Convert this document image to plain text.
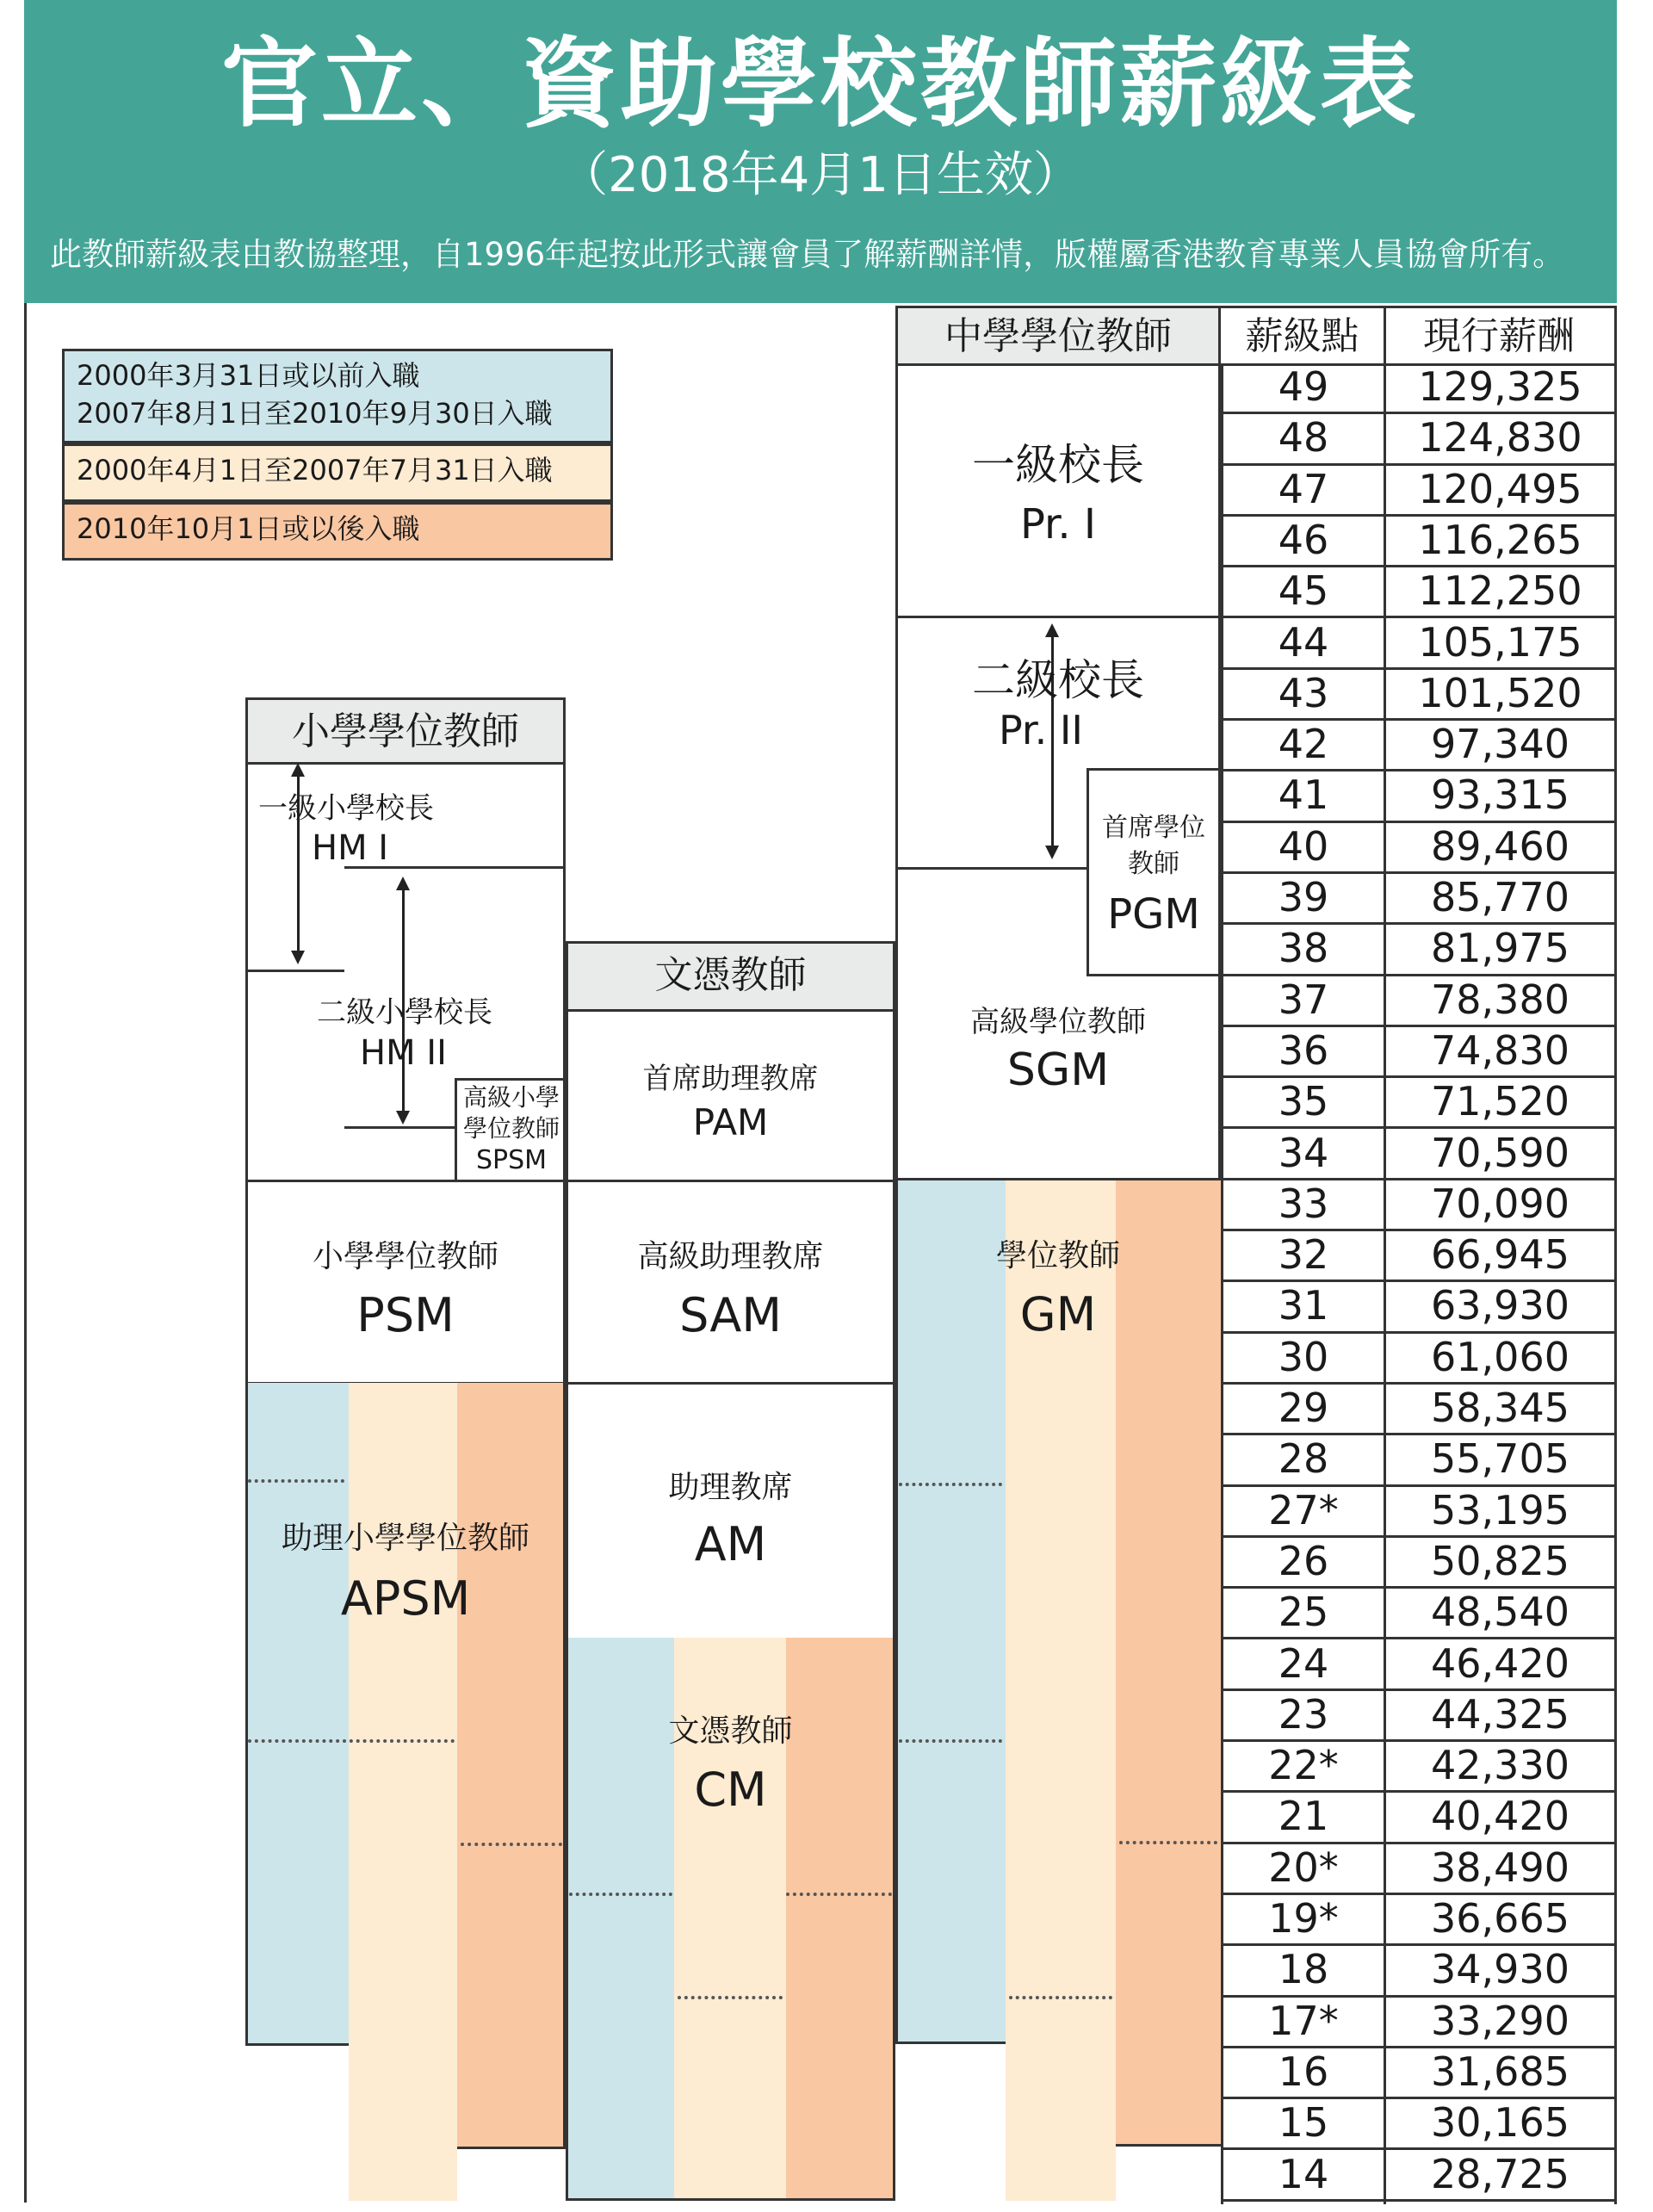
官立、資助學校教師薪級表
（2018年4月1日生效）
此教師薪級表由教協整理，自1996年起按此形式讓會員了解薪酬詳情，版權屬香港教育專業人員協會所有。
2000年3月31日或以前入職
2007年8月1日至2010年9月30日入職
2000年4月1日至2007年7月31日入職
2010年10月1日或以後入職
小學學位教師
一級小學校長
HM I
二級小學校長
HM II
高級小學
學位教師
SPSM
小學學位教師
PSM
助理小學學位教師
APSM
文憑教師
首席助理教席
PAM
高級助理教席
SAM
助理教席
AM
文憑教師
CM
中學學位教師
一級校長
Pr. I
二級校長
Pr. II
首席學位
教師
PGM
高級學位教師
SGM
學位教師
GM
薪級點	現行薪酬
49	129,325
48	124,830
47	120,495
46	116,265
45	112,250
44	105,175
43	101,520
42	97,340
41	93,315
40	89,460
39	85,770
38	81,975
37	78,380
36	74,830
35	71,520
34	70,590
33	70,090
32	66,945
31	63,930
30	61,060
29	58,345
28	55,705
27*	53,195
26	50,825
25	48,540
24	46,420
23	44,325
22*	42,330
21	40,420
20*	38,490
19*	36,665
18	34,930
17*	33,290
16	31,685
15	30,165
14	28,725
